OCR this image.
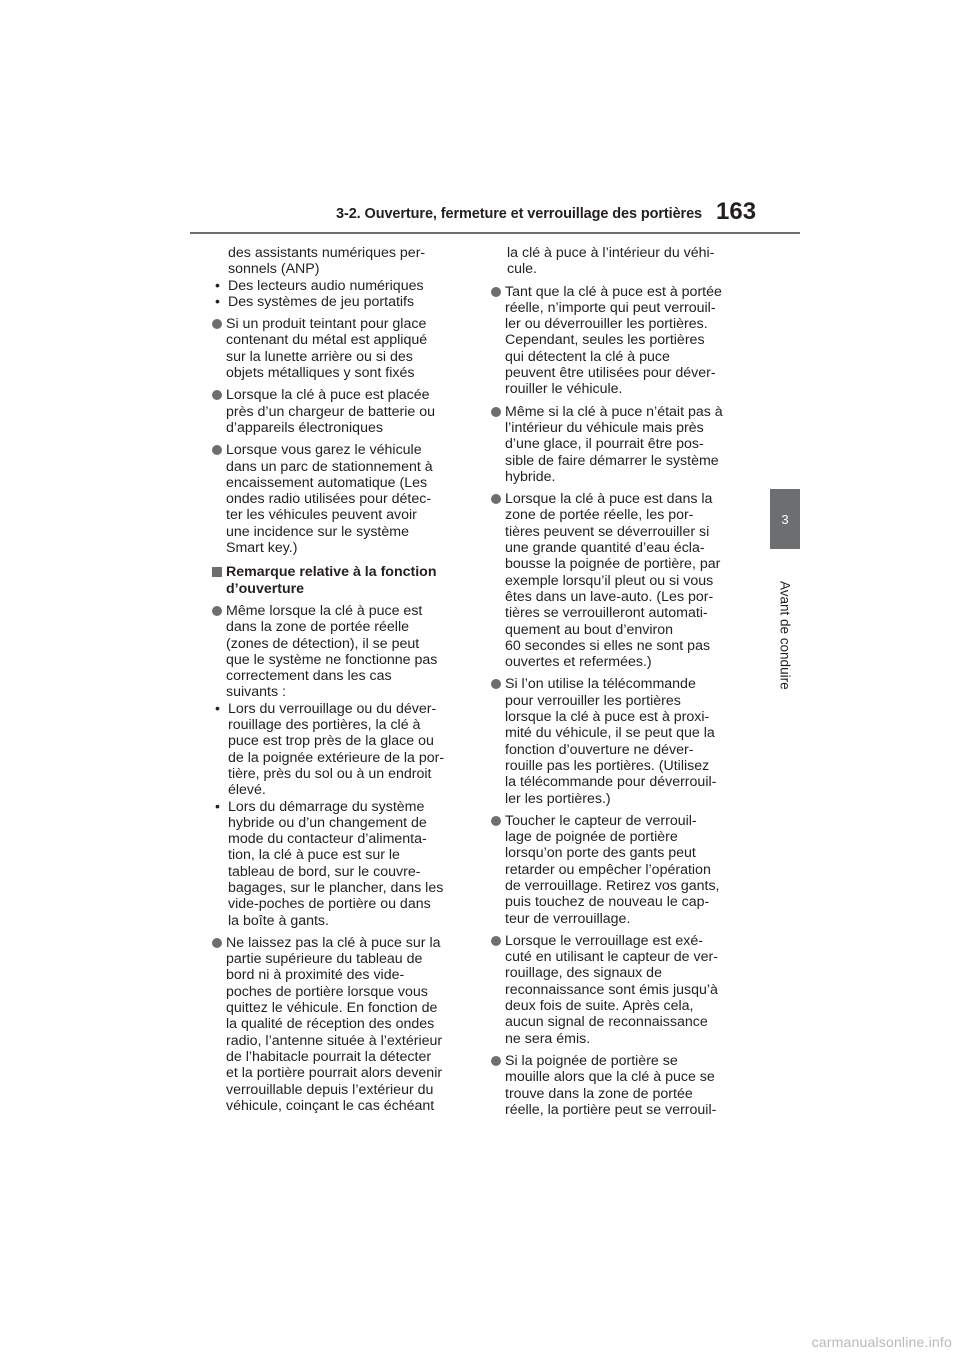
3-2. Ouverture, fermeture et verrouillage des portières 163
3
Avant de conduire
des assistants numériques per-
sonnels (ANP)
• Des lecteurs audio numériques
• Des systèmes de jeu portatifs
Si un produit teintant pour glace
contenant du métal est appliqué
sur la lunette arrière ou si des
objets métalliques y sont fixés
Lorsque la clé à puce est placée
près d’un chargeur de batterie ou
d’appareils électroniques
Lorsque vous garez le véhicule
dans un parc de stationnement à
encaissement automatique (Les
ondes radio utilisées pour détec-
ter les véhicules peuvent avoir
une incidence sur le système
Smart key.)
Remarque relative à la fonction
d’ouverture
Même lorsque la clé à puce est
dans la zone de portée réelle
(zones de détection), il se peut
que le système ne fonctionne pas
correctement dans les cas
suivants :
• Lors du verrouillage ou du déver-
rouillage des portières, la clé à
puce est trop près de la glace ou
de la poignée extérieure de la por-
tière, près du sol ou à un endroit
élevé.
• Lors du démarrage du système
hybride ou d’un changement de
mode du contacteur d’alimenta-
tion, la clé à puce est sur le
tableau de bord, sur le couvre-
bagages, sur le plancher, dans les
vide-poches de portière ou dans
la boîte à gants.
Ne laissez pas la clé à puce sur la
partie supérieure du tableau de
bord ni à proximité des vide-
poches de portière lorsque vous
quittez le véhicule. En fonction de
la qualité de réception des ondes
radio, l’antenne située à l’extérieur
de l’habitacle pourrait la détecter
et la portière pourrait alors devenir
verrouillable depuis l’extérieur du
véhicule, coinçant le cas échéant
la clé à puce à l’intérieur du véhi-
cule.
Tant que la clé à puce est à portée
réelle, n’importe qui peut verrouil-
ler ou déverrouiller les portières.
Cependant, seules les portières
qui détectent la clé à puce
peuvent être utilisées pour déver-
rouiller le véhicule.
Même si la clé à puce n’était pas à
l’intérieur du véhicule mais près
d’une glace, il pourrait être pos-
sible de faire démarrer le système
hybride.
Lorsque la clé à puce est dans la
zone de portée réelle, les por-
tières peuvent se déverrouiller si
une grande quantité d’eau écla-
bousse la poignée de portière, par
exemple lorsqu’il pleut ou si vous
êtes dans un lave-auto. (Les por-
tières se verrouilleront automati-
quement au bout d’environ
60 secondes si elles ne sont pas
ouvertes et refermées.)
Si l’on utilise la télécommande
pour verrouiller les portières
lorsque la clé à puce est à proxi-
mité du véhicule, il se peut que la
fonction d’ouverture ne déver-
rouille pas les portières. (Utilisez
la télécommande pour déverrouil-
ler les portières.)
Toucher le capteur de verrouil-
lage de poignée de portière
lorsqu’on porte des gants peut
retarder ou empêcher l’opération
de verrouillage. Retirez vos gants,
puis touchez de nouveau le cap-
teur de verrouillage.
Lorsque le verrouillage est exé-
cuté en utilisant le capteur de ver-
rouillage, des signaux de
reconnaissance sont émis jusqu’à
deux fois de suite. Après cela,
aucun signal de reconnaissance
ne sera émis.
Si la poignée de portière se
mouille alors que la clé à puce se
trouve dans la zone de portée
réelle, la portière peut se verrouil-
carmanualsonline.info
